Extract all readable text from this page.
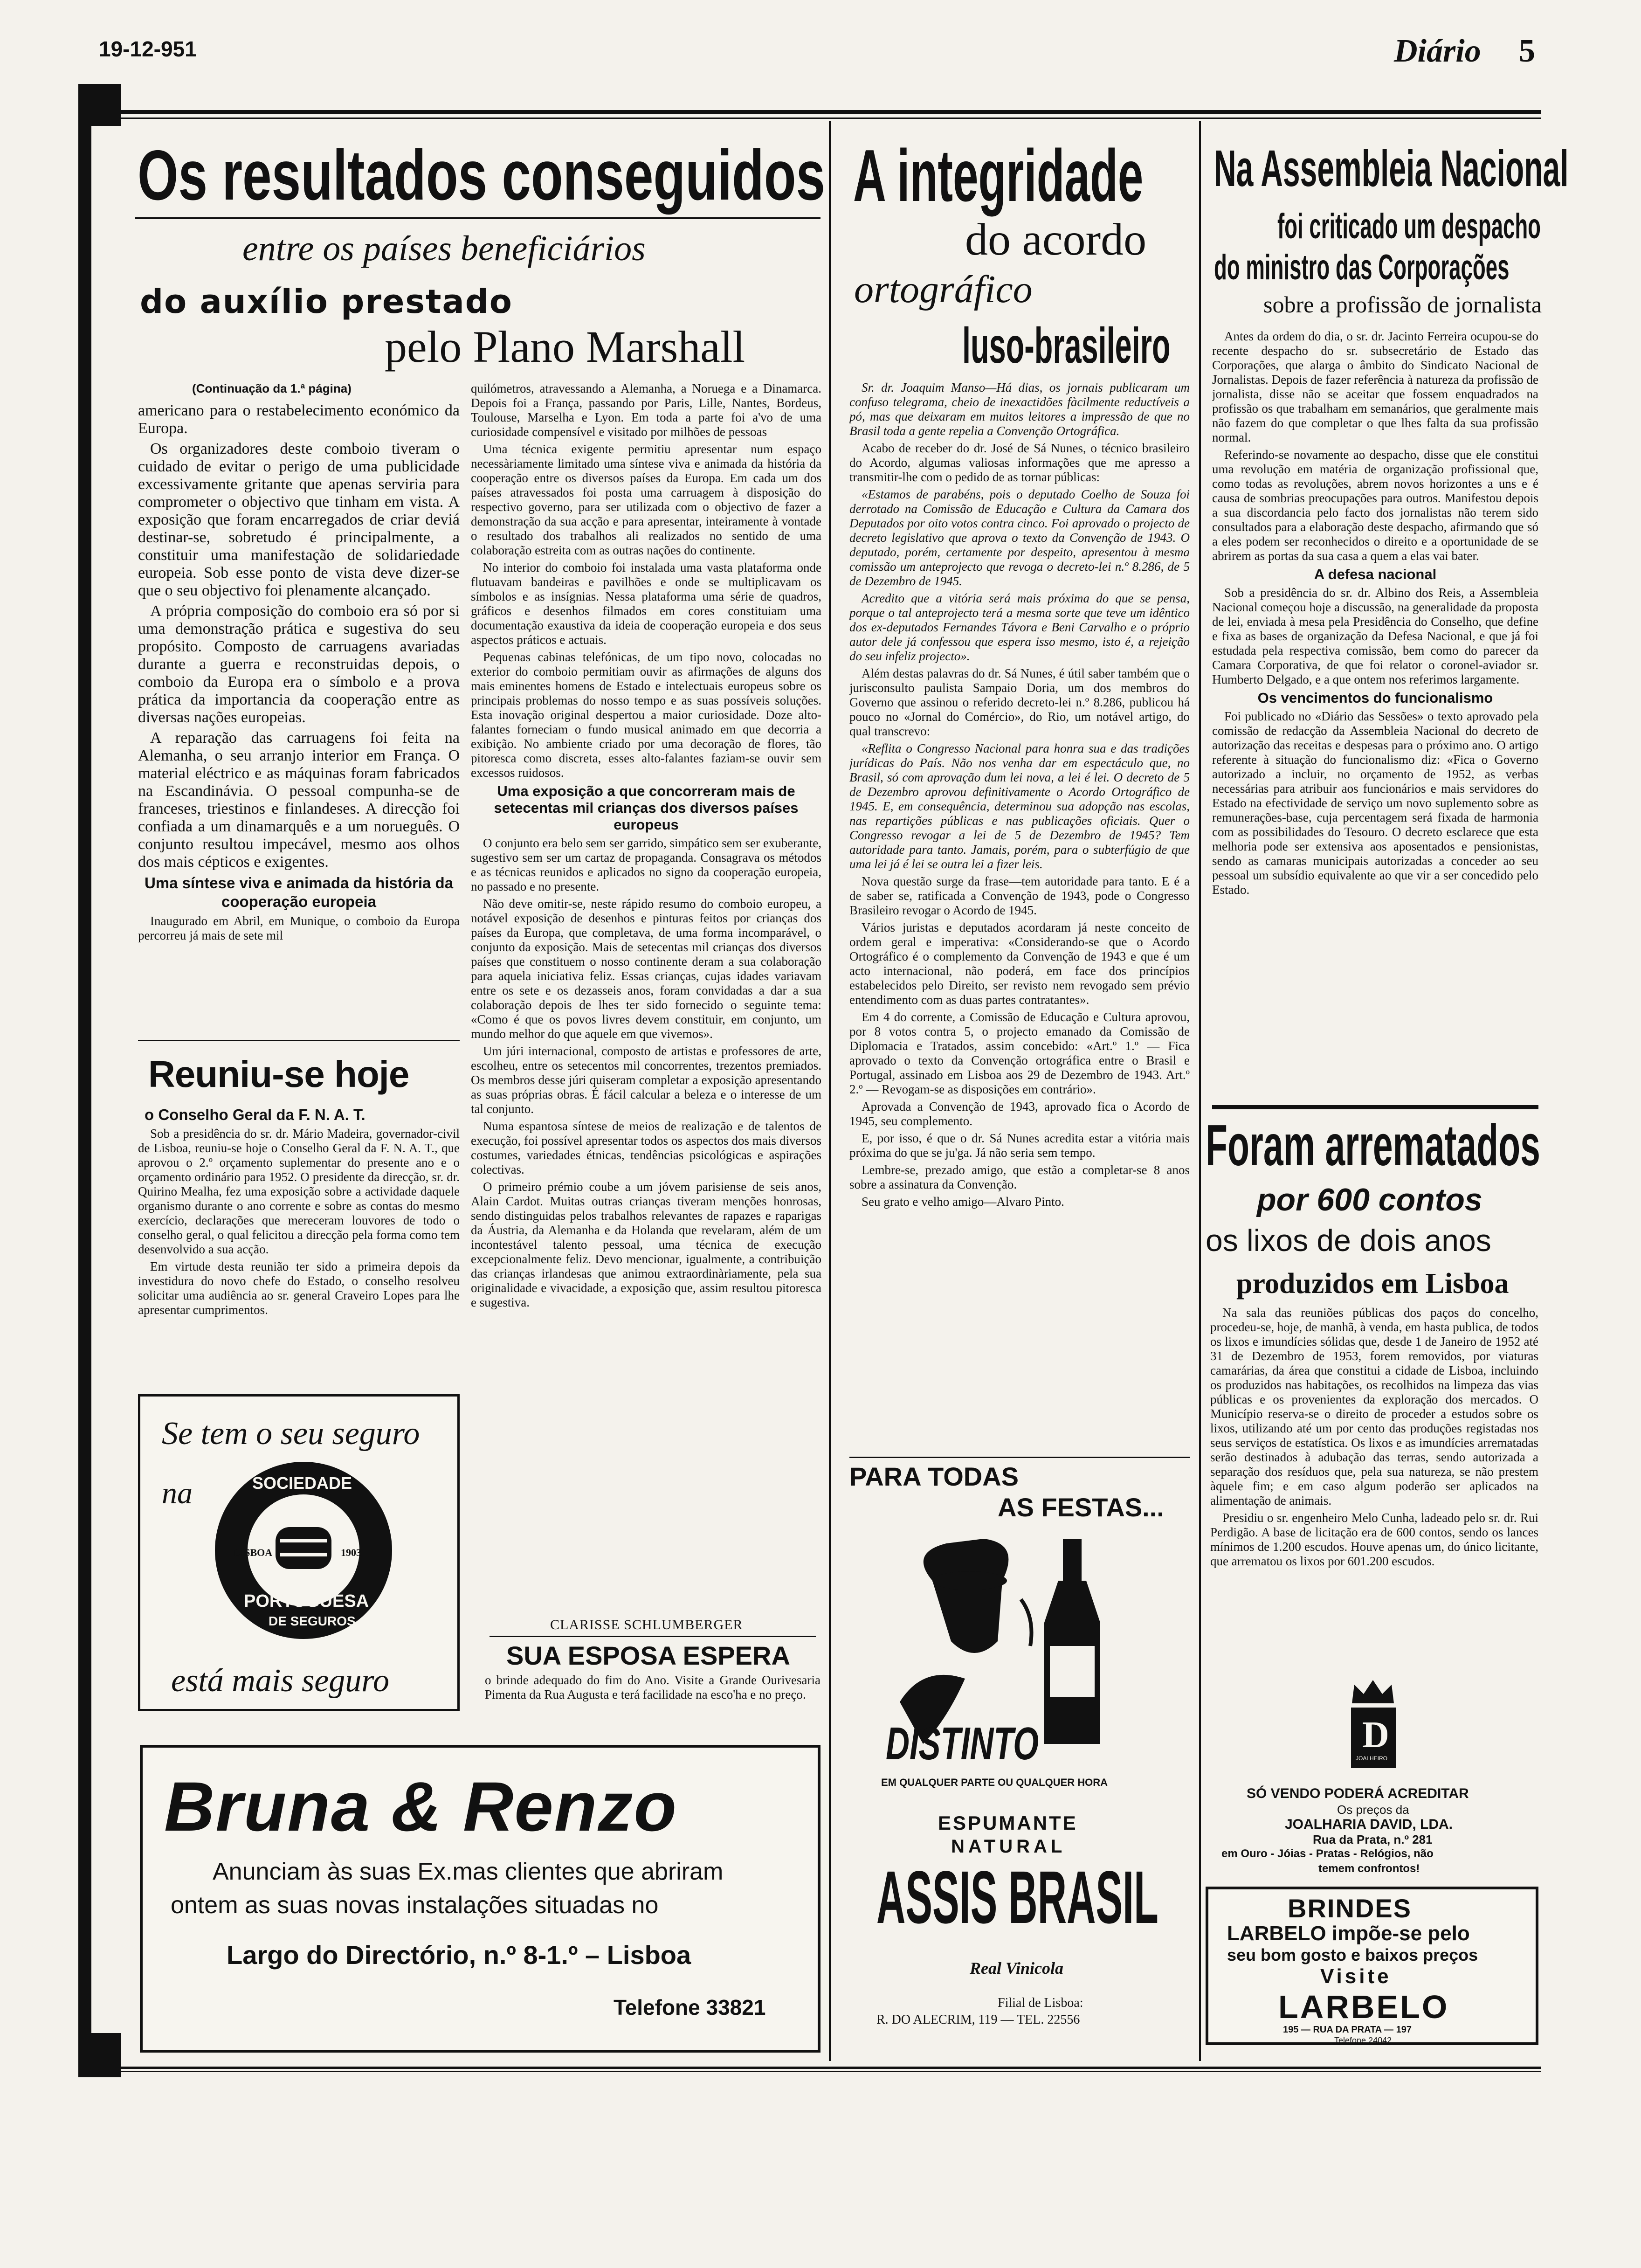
19-12-951	Diário 5
Os resultados conseguidos
entre os países beneficiários
do auxílio prestado
pelo Plano Marshall
(Continuação da 1.ª página)

americano para o restabelecimento económico da Europa.

Os organizadores deste comboio tiveram o cuidado de evitar o perigo de uma publicidade excessivamente gritante que apenas serviria para comprometer o objectivo que tinham em vista. A exposição que foram encarregados de criar deviá destinar-se, sobretudo é principalmente, a constituir uma manifestação de solidariedade europeia. Sob esse ponto de vista deve dizer-se que o seu objectivo foi plenamente alcançado.

A própria composição do comboio era só por si uma demonstração prática e sugestiva do seu propósito. Composto de carruagens avariadas durante a guerra e reconstruidas depois, o comboio da Europa era o símbolo e a prova prática da importancia da cooperação entre as diversas nações europeias.

A reparação das carruagens foi feita na Alemanha, o seu arranjo interior em França. O material eléctrico e as máquinas foram fabricados na Escandinávia. O pessoal compunha-se de franceses, triestinos e finlandeses. A direcção foi confiada a um dinamarquês e a um norueguês. O conjunto resultou impecável, mesmo aos olhos dos mais cépticos e exigentes.

Uma síntese viva e animada da história da cooperação europeia

Inaugurado em Abril, em Munique, o comboio da Europa percorreu já mais de sete mil

quilómetros, atravessando a Alemanha, a Noruega e a Dinamarca. Depois foi a França, passando por Paris, Lille, Nantes, Bordeus, Toulouse, Marselha e Lyon. Em toda a parte foi a'vo de uma curiosidade compensível e visitado por milhões de pessoas

Uma técnica exigente permitiu apresentar num espaço necessàriamente limitado uma síntese viva e animada da história da cooperação entre os diversos países da Europa. Em cada um dos países atravessados foi posta uma carruagem à disposição do respectivo governo, para ser utilizada com o objectivo de fazer a demonstração da sua acção e para apresentar, inteiramente à vontade o resultado dos trabalhos ali realizados no sentido de uma colaboração estreita com as outras nações do continente.

No interior do comboio foi instalada uma vasta plataforma onde flutuavam bandeiras e pavilhões e onde se multiplicavam os símbolos e as insígnias. Nessa plataforma uma série de quadros, gráficos e desenhos filmados em cores constituiam uma documentação exaustiva da ideia de cooperação europeia e dos seus aspectos práticos e actuais.

Pequenas cabinas telefónicas, de um tipo novo, colocadas no exterior do comboio permitiam ouvir as afirmações de alguns dos mais eminentes homens de Estado e intelectuais europeus sobre os principais problemas do nosso tempo e as suas possíveis soluções. Esta inovação original despertou a maior curiosidade. Doze alto-falantes forneciam o fundo musical animado em que decorria a exibição. No ambiente criado por uma decoração de flores, tão pitoresca como discreta, esses alto-falantes faziam-se ouvir sem excessos ruidosos.

Uma exposição a que concorreram mais de setecentas mil crianças dos diversos países europeus

O conjunto era belo sem ser garrido, simpático sem ser exuberante, sugestivo sem ser um cartaz de propaganda. Consagrava os métodos e as técnicas reunidos e aplicados no signo da cooperação europeia, no passado e no presente.

Não deve omitir-se, neste rápido resumo do comboio europeu, a notável exposição de desenhos e pinturas feitos por crianças dos países da Europa, que completava, de uma forma incomparável, o conjunto da exposição. Mais de setecentas mil crianças dos diversos países que constituem o nosso continente deram a sua colaboração para aquela iniciativa feliz. Essas crianças, cujas idades variavam entre os sete e os dezasseis anos, foram convidadas a dar a sua colaboração depois de lhes ter sido fornecido o seguinte tema: «Como é que os povos livres devem constituir, em conjunto, um mundo melhor do que aquele em que vivemos».

Um júri internacional, composto de artistas e professores de arte, escolheu, entre os setecentos mil concorrentes, trezentos premiados. Os membros desse júri quiseram completar a exposição apresentando as suas próprias obras. É fácil calcular a beleza e o interesse de um tal conjunto.

Numa espantosa síntese de meios de realização e de talentos de execução, foi possível apresentar todos os aspectos dos mais diversos costumes, variedades étnicas, tendências psicológicas e aspirações colectivas.

O primeiro prémio coube a um jóvem parisiense de seis anos, Alain Cardot. Muitas outras crianças tiveram menções honrosas, sendo distinguidas pelos trabalhos relevantes de rapazes e raparigas da Áustria, da Alemanha e da Holanda que revelaram, além de um incontestável talento pessoal, uma técnica de execução excepcionalmente feliz. Devo mencionar, igualmente, a contribuição das crianças irlandesas que animou extraordinàriamente, pela sua originalidade e vivacidade, a exposição que, assim resultou pitoresca e sugestiva.

CLARISSE SCHLUMBERGER
Reuniu-se hoje
o Conselho Geral da F. N. A. T.

Sob a presidência do sr. dr. Mário Madeira, governador-civil de Lisboa, reuniu-se hoje o Conselho Geral da F. N. A. T., que aprovou o 2.º orçamento suplementar do presente ano e o orçamento ordinário para 1952. O presidente da direcção, sr. dr. Quirino Mealha, fez uma exposição sobre a actividade daquele organismo durante o ano corrente e sobre as contas do mesmo exercício, declarações que mereceram louvores de todo o conselho geral, o qual felicitou a direcção pela forma como tem desenvolvido a sua acção.

Em virtude desta reunião ter sido a primeira depois da investidura do novo chefe do Estado, o conselho resolveu solicitar uma audiência ao sr. general Craveiro Lopes para lhe apresentar cumprimentos.

Se tem o seu seguro
na	SOCIEDADE
LISBOA	1903
PORTUGUESA
DE SEGUROS
está mais seguro
SUA ESPOSA ESPERA

o brinde adequado do fim do Ano. Visite a Grande Ourivesaria Pimenta da Rua Augusta e terá facilidade na esco'ha e no preço.

Bruna & Renzo
Anunciam às suas Ex.mas clientes que abriram
ontem as suas novas instalações situadas no
Largo do Directório, n.º 8-1.º – Lisboa
Telefone 33821
A integridade
do acordo
ortográfico
luso-brasileiro

Sr. dr. Joaquim Manso—Há dias, os jornais publicaram um confuso telegrama, cheio de inexactidões fàcilmente reductíveis a pó, mas que deixaram em muitos leitores a impressão de que no Brasil toda a gente repelia a Convenção Ortográfica.

Acabo de receber do dr. José de Sá Nunes, o técnico brasileiro do Acordo, algumas valiosas informações que me apresso a transmitir-lhe com o pedido de as tornar públicas:

«Estamos de parabéns, pois o deputado Coelho de Souza foi derrotado na Comissão de Educação e Cultura da Camara dos Deputados por oito votos contra cinco. Foi aprovado o projecto de decreto legislativo que aprova o texto da Convenção de 1943. O deputado, porém, certamente por despeito, apresentou à mesma comissão um anteprojecto que revoga o decreto-lei n.º 8.286, de 5 de Dezembro de 1945.

Acredito que a vitória será mais próxima do que se pensa, porque o tal anteprojecto terá a mesma sorte que teve um idêntico dos ex-deputados Fernandes Távora e Beni Carvalho e o próprio autor dele já confessou que espera isso mesmo, isto é, a rejeição do seu infeliz projecto».

Além destas palavras do dr. Sá Nunes, é útil saber também que o jurisconsulto paulista Sampaio Doria, um dos membros do Governo que assinou o referido decreto-lei n.º 8.286, publicou há pouco no «Jornal do Comércio», do Rio, um notável artigo, do qual transcrevo:

«Reflita o Congresso Nacional para honra sua e das tradições jurídicas do País. Não nos venha dar em espectáculo que, no Brasil, só com aprovação dum lei nova, a lei é lei. O decreto de 5 de Dezembro aprovou definitivamente o Acordo Ortográfico de 1945. E, em consequência, determinou sua adopção nas escolas, nas repartições públicas e nas publicações oficiais. Quer o Congresso revogar a lei de 5 de Dezembro de 1945? Tem autoridade para tanto. Jamais, porém, para o subterfúgio de que uma lei já é lei se outra lei a fizer leis.

Nova questão surge da frase—tem autoridade para tanto. E é a de saber se, ratificada a Convenção de 1943, pode o Congresso Brasileiro revogar o Acordo de 1945.

Vários juristas e deputados acordaram já neste conceito de ordem geral e imperativa: «Considerando-se que o Acordo Ortográfico é o complemento da Convenção de 1943 e que é um acto internacional, não poderá, em face dos princípios estabelecidos pelo Direito, ser revisto nem revogado sem prévio entendimento com as duas partes contratantes».

Em 4 do corrente, a Comissão de Educação e Cultura aprovou, por 8 votos contra 5, o projecto emanado da Comissão de Diplomacia e Tratados, assim concebido: «Art.º 1.º — Fica aprovado o texto da Convenção ortográfica entre o Brasil e Portugal, assinado em Lisboa aos 29 de Dezembro de 1943. Art.º 2.º — Revogam-se as disposições em contrário».

Aprovada a Convenção de 1943, aprovado fica o Acordo de 1945, seu complemento.

E, por isso, é que o dr. Sá Nunes acredita estar a vitória mais próxima do que se ju'ga. Já não seria sem tempo.

Lembre-se, prezado amigo, que estão a completar-se 8 anos sobre a assinatura da Convenção.

Seu grato e velho amigo—Alvaro Pinto.

PARA TODAS
AS FESTAS...
DISTINTO
EM QUALQUER PARTE OU QUALQUER HORA
ESPUMANTE
NATURAL
ASSIS BRASIL
Real Vinicola
Filial de Lisboa:
R. DO ALECRIM, 119 — TEL. 22556
Na Assembleia Nacional
foi criticado um despacho
do ministro das Corporações
sobre a profissão de jornalista

Antes da ordem do dia, o sr. dr. Jacinto Ferreira ocupou-se do recente despacho do sr. subsecretário de Estado das Corporações, que alarga o âmbito do Sindicato Nacional de Jornalistas. Depois de fazer referência à natureza da profissão de jornalista, disse não se aceitar que fossem enquadrados na profissão os que trabalham em semanários, que geralmente mais não fazem do que completar o que lhes falta da sua profissão normal.

Referindo-se novamente ao despacho, disse que ele constitui uma revolução em matéria de organização profissional que, como todas as revoluções, abrem novos horizontes a uns e é causa de sombrias preocupações para outros. Manifestou depois a sua discordancia pelo facto dos jornalistas não terem sido consultados para a elaboração deste despacho, afirmando que só a eles podem ser reconhecidos o direito e a oportunidade de se abrirem as portas da sua casa a quem a elas vai bater.

A defesa nacional

Sob a presidência do sr. dr. Albino dos Reis, a Assembleia Nacional começou hoje a discussão, na generalidade da proposta de lei, enviada à mesa pela Presidência do Conselho, que define e fixa as bases de organização da Defesa Nacional, e que já foi estudada pela respectiva comissão, bem como do parecer da Camara Corporativa, de que foi relator o coronel-aviador sr. Humberto Delgado, e a que ontem nos referimos largamente.

Os vencimentos do funcionalismo

Foi publicado no «Diário das Sessões» o texto aprovado pela comissão de redacção da Assembleia Nacional do decreto de autorização das receitas e despesas para o próximo ano. O artigo referente à situação do funcionalismo diz: «Fica o Governo autorizado a incluir, no orçamento de 1952, as verbas necessárias para atribuir aos funcionários e mais servidores do Estado na efectividade de serviço um novo suplemento sobre as remunerações-base, cuja percentagem será fixada de harmonia com as possibilidades do Tesouro. O decreto esclarece que esta melhoria pode ser extensiva aos aposentados e pensionistas, sendo as camaras municipais autorizadas a conceder ao seu pessoal um subsídio equivalente ao que vir a ser concedido pelo Estado.

Foram arrematados
por 600 contos
os lixos de dois anos
produzidos em Lisboa

Na sala das reuniões públicas dos paços do concelho, procedeu-se, hoje, de manhã, à venda, em hasta publica, de todos os lixos e imundícies sólidas que, desde 1 de Janeiro de 1952 até 31 de Dezembro de 1953, forem removidos, por viaturas camarárias, da área que constitui a cidade de Lisboa, incluindo os produzidos nas habitações, os recolhidos na limpeza das vias públicas e os provenientes da exploração dos mercados. O Município reserva-se o direito de proceder a estudos sobre os lixos, utilizando até um por cento das produções registadas nos seus serviços de estatística. Os lixos e as imundícies arrematadas serão destinados à adubação das terras, sendo autorizada a separação dos resíduos que, pela sua natureza, se não prestem àquele fim; e em caso algum poderão ser aplicados na alimentação de animais.

Presidiu o sr. engenheiro Melo Cunha, ladeado pelo sr. dr. Rui Perdigão. A base de licitação era de 600 contos, sendo os lances mínimos de 1.200 escudos. Houve apenas um, do único licitante, que arrematou os lixos por 601.200 escudos.

D
JOALHEIRO
SÓ VENDO PODERÁ ACREDITAR
Os preços da
JOALHARIA DAVID, LDA.
Rua da Prata, n.º 281
em Ouro - Jóias - Pratas - Relógios, não
temem confrontos!
BRINDES
LARBELO impõe-se pelo
seu bom gosto e baixos preços
Visite
LARBELO
195 — RUA DA PRATA — 197
Telefone 24042
